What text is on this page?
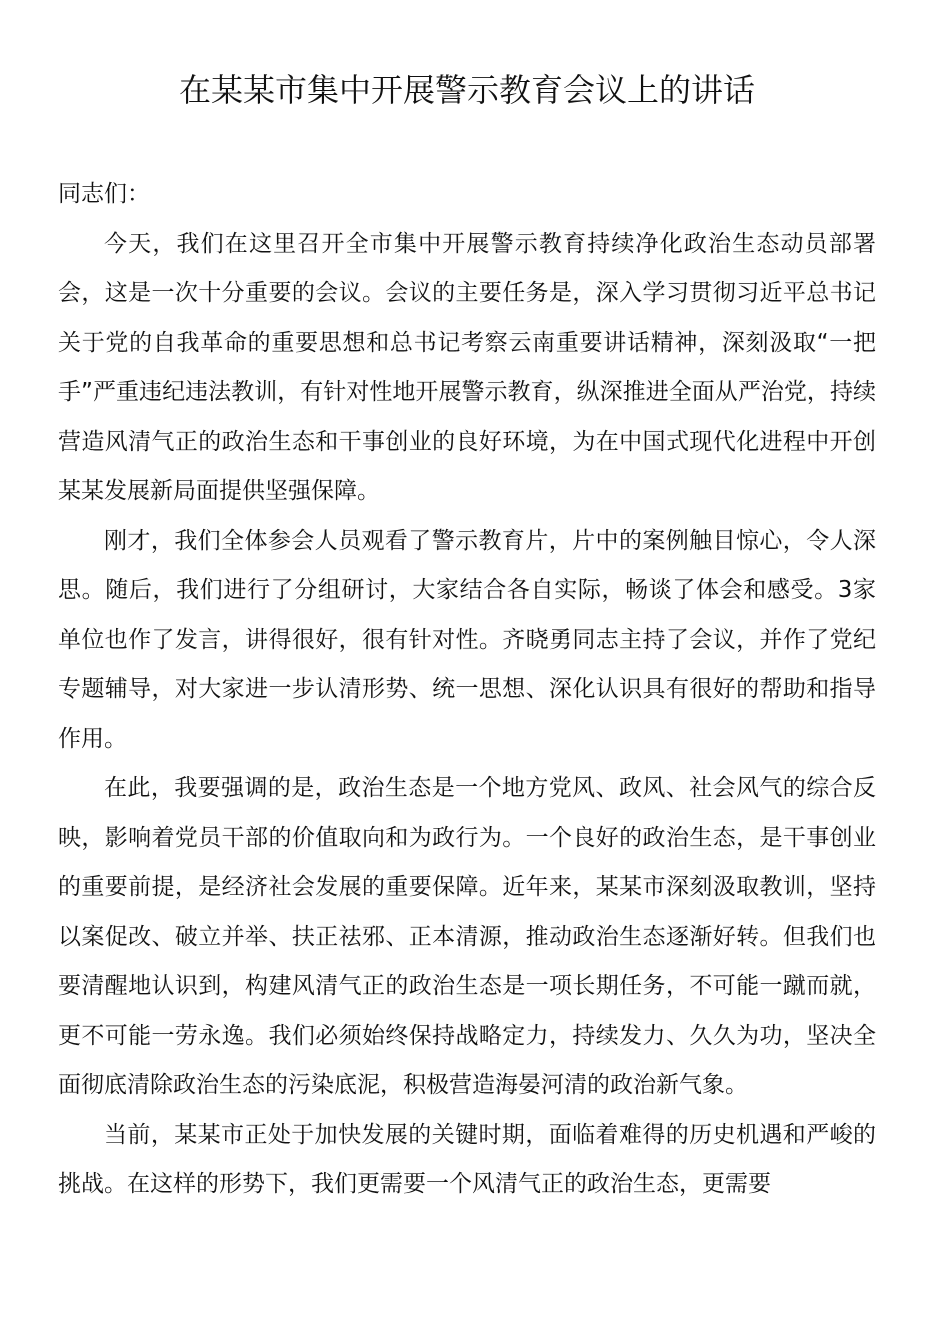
在某某市集中开展警示教育会议上的讲话

同志们：

今天，我们在这里召开全市集中开展警示教育持续净化政治生态动员部署会，这是一次十分重要的会议。会议的主要任务是，深入学习贯彻习近平总书记关于党的自我革命的重要思想和总书记考察云南重要讲话精神，深刻汲取“一把手”严重违纪违法教训，有针对性地开展警示教育，纵深推进全面从严治党，持续营造风清气正的政治生态和干事创业的良好环境，为在中国式现代化进程中开创某某发展新局面提供坚强保障。

刚才，我们全体参会人员观看了警示教育片，片中的案例触目惊心，令人深思。随后，我们进行了分组研讨，大家结合各自实际，畅谈了体会和感受。3家单位也作了发言，讲得很好，很有针对性。齐晓勇同志主持了会议，并作了党纪专题辅导，对大家进一步认清形势、统一思想、深化认识具有很好的帮助和指导作用。

在此，我要强调的是，政治生态是一个地方党风、政风、社会风气的综合反映，影响着党员干部的价值取向和为政行为。一个良好的政治生态，是干事创业的重要前提，是经济社会发展的重要保障。近年来，某某市深刻汲取教训，坚持以案促改、破立并举、扶正祛邪、正本清源，推动政治生态逐渐好转。但我们也要清醒地认识到，构建风清气正的政治生态是一项长期任务，不可能一蹴而就，更不可能一劳永逸。我们必须始终保持战略定力，持续发力、久久为功，坚决全面彻底清除政治生态的污染底泥，积极营造海晏河清的政治新气象。

当前，某某市正处于加快发展的关键时期，面临着难得的历史机遇和严峻的挑战。在这样的形势下，我们更需要一个风清气正的政治生态，更需要
